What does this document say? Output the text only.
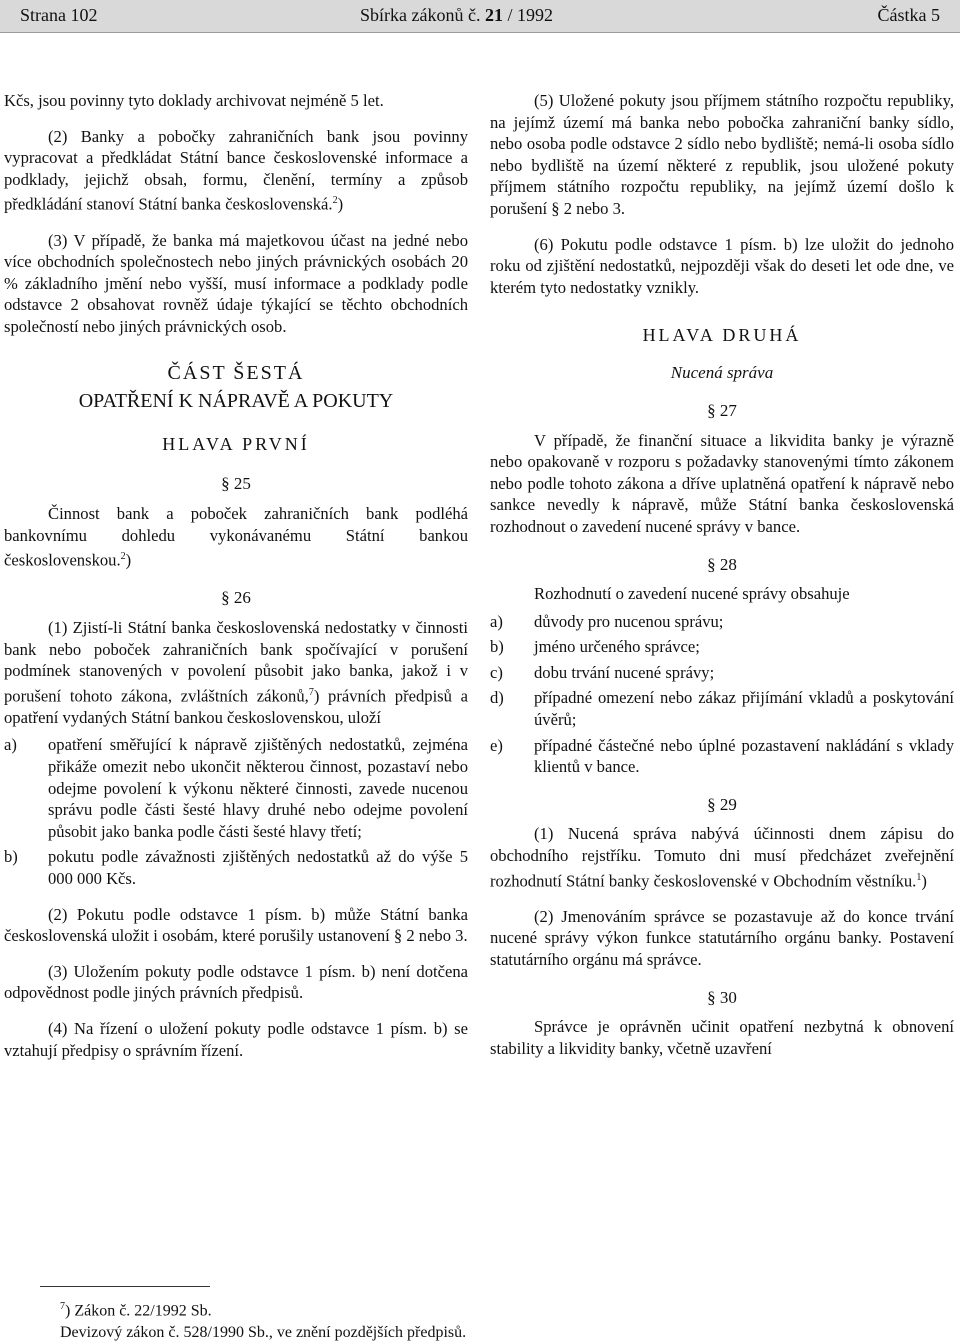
Strana 102	Sbírka zákonů č. 21 / 1992	Částka 5

Kčs, jsou povinny tyto doklady archivovat nejméně 5 let.

(2) Banky a pobočky zahraničních bank jsou povinny vypracovat a předkládat Státní bance československé informace a podklady, jejichž obsah, formu, členění, termíny a způsob předkládání stanoví Státní banka československá.$^2$)

(3) V případě, že banka má majetkovou účast na jedné nebo více obchodních společnostech nebo jiných právnických osobách 20 % základního jmění nebo vyšší, musí informace a podklady podle odstavce 2 obsahovat rovněž údaje týkající se těchto obchodních společností nebo jiných právnických osob.

ČÁST ŠESTÁ
OPATŘENÍ K NÁPRAVĚ A POKUTY
HLAVA PRVNÍ
§ 25

Činnost bank a poboček zahraničních bank podléhá bankovnímu dohledu vykonávanému Státní bankou československou.$^2$)

§ 26

(1) Zjistí-li Státní banka československá nedostatky v činnosti bank nebo poboček zahraničních bank spočívající v porušení podmínek stanovených v povolení působit jako banka, jakož i v porušení tohoto zákona, zvláštních zákonů,$^7$) právních předpisů a opatření vydaných Státní bankou československou, uloží

a) opatření směřující k nápravě zjištěných nedostatků, zejména přikáže omezit nebo ukončit některou činnost, pozastaví nebo odejme povolení k výkonu některé činnosti, zavede nucenou správu podle části šesté hlavy druhé nebo odejme povolení působit jako banka podle části šesté hlavy třetí;
b) pokutu podle závažnosti zjištěných nedostatků až do výše 5 000 000 Kčs.

(2) Pokutu podle odstavce 1 písm. b) může Státní banka československá uložit i osobám, které porušily ustanovení § 2 nebo 3.

(3) Uložením pokuty podle odstavce 1 písm. b) není dotčena odpovědnost podle jiných právních předpisů.

(4) Na řízení o uložení pokuty podle odstavce 1 písm. b) se vztahují předpisy o správním řízení.

(5) Uložené pokuty jsou příjmem státního rozpočtu republiky, na jejímž území má banka nebo pobočka zahraniční banky sídlo, nebo osoba podle odstavce 2 sídlo nebo bydliště; nemá-li osoba sídlo nebo bydliště na území některé z republik, jsou uložené pokuty příjmem státního rozpočtu republiky, na jejímž území došlo k porušení § 2 nebo 3.

(6) Pokutu podle odstavce 1 písm. b) lze uložit do jednoho roku od zjištění nedostatků, nejpozději však do deseti let ode dne, ve kterém tyto nedostatky vznikly.

HLAVA DRUHÁ
Nucená správa
§ 27

V případě, že finanční situace a likvidita banky je výrazně nebo opakovaně v rozporu s požadavky stanovenými tímto zákonem nebo podle tohoto zákona a dříve uplatněná opatření k nápravě nebo sankce nevedly k nápravě, může Státní banka československá rozhodnout o zavedení nucené správy v bance.

§ 28

Rozhodnutí o zavedení nucené správy obsahuje

a) důvody pro nucenou správu;
b) jméno určeného správce;
c) dobu trvání nucené správy;
d) případné omezení nebo zákaz přijímání vkladů a poskytování úvěrů;
e) případné částečné nebo úplné pozastavení nakládání s vklady klientů v bance.
§ 29

(1) Nucená správa nabývá účinnosti dnem zápisu do obchodního rejstříku. Tomuto dni musí předcházet zveřejnění rozhodnutí Státní banky československé v Obchodním věstníku.$^1$)

(2) Jmenováním správce se pozastavuje až do konce trvání nucené správy výkon funkce statutárního orgánu banky. Postavení statutárního orgánu má správce.

§ 30

Správce je oprávněn učinit opatření nezbytná k obnovení stability a likvidity banky, včetně uzavření

$^7$) Zákon č. 22/1992 Sb.
Devizový zákon č. 528/1990 Sb., ve znění pozdějších předpisů.
